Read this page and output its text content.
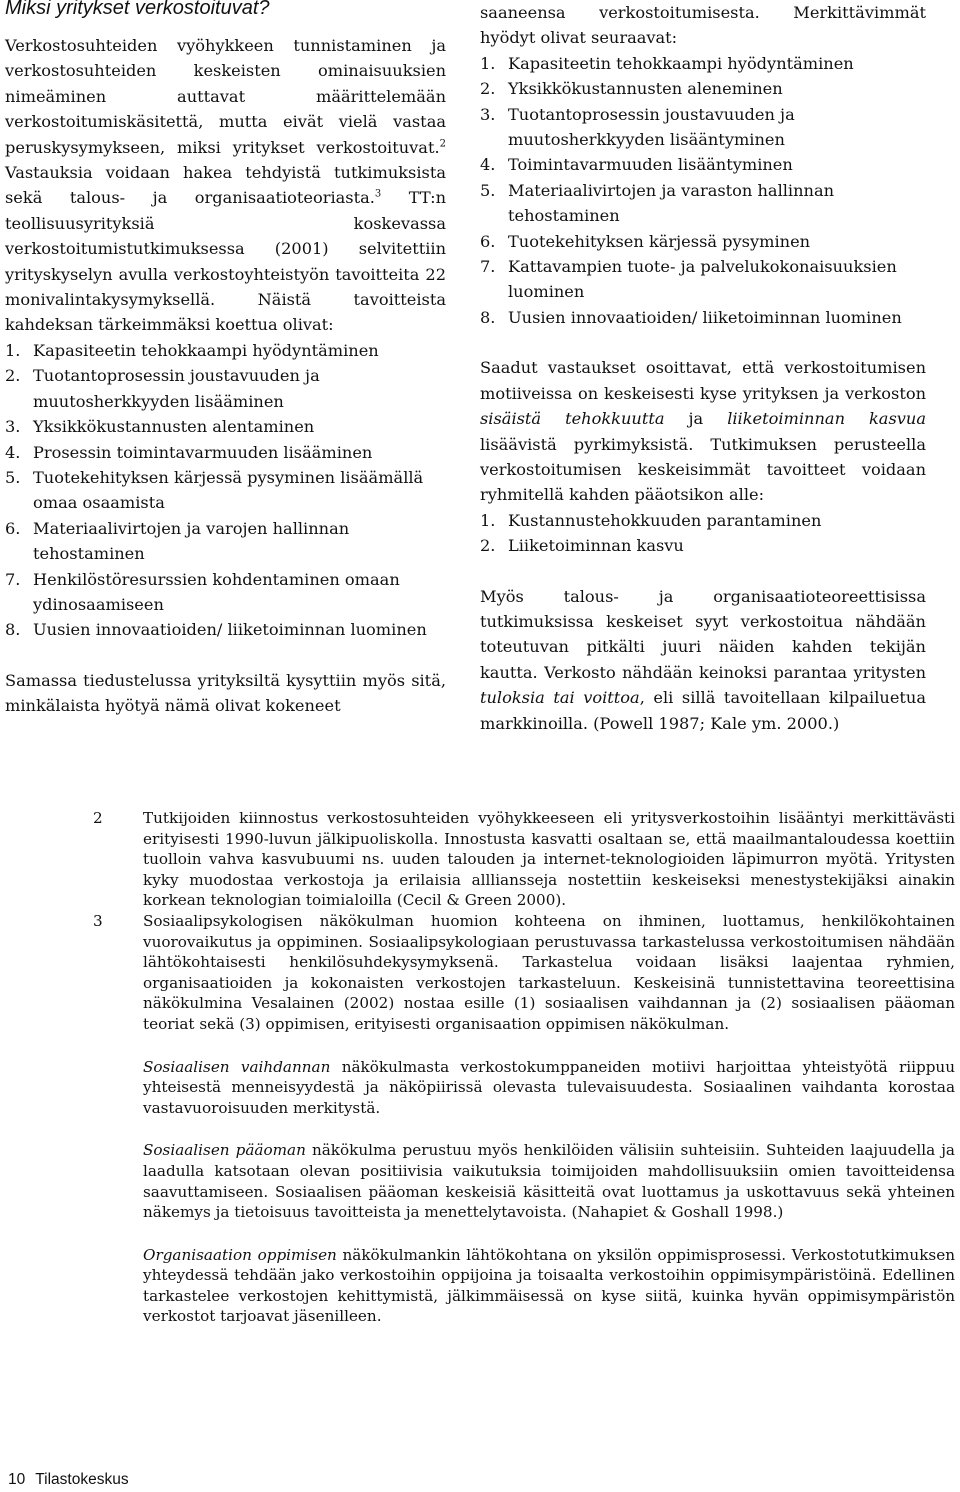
Miksi yritykset verkostoituvat?

Verkostosuhteiden vyöhykkeen tunnistaminen ja verkostosuhteiden keskeisten ominaisuuksien nimeäminen auttavat määrittelemään verkostoitumiskäsitettä, mutta eivät vielä vastaa peruskysymykseen, miksi yritykset verkostoituvat.$^2$ Vastauksia voidaan hakea tehdyistä tutkimuksista sekä talous- ja organisaatioteoriasta.$^3$ TT:n teollisuusyrityksiä koskevassa verkostoitumistutkimuksessa (2001) selvitettiin yrityskyselyn avulla verkostoyhteistyön tavoitteita 22 monivalintakysymyksellä. Näistä tavoitteista kahdeksan tärkeimmäksi koettua olivat:

1. Kapasiteetin tehokkaampi hyödyntäminen
2. Tuotantoprosessin joustavuuden ja muutosherkkyyden lisääminen
3. Yksikkökustannusten alentaminen
4. Prosessin toimintavarmuuden lisääminen
5. Tuotekehityksen kärjessä pysyminen lisäämällä omaa osaamista
6. Materiaalivirtojen ja varojen hallinnan tehostaminen
7. Henkilöstöresurssien kohdentaminen omaan ydinosaamiseen
8. Uusien innovaatioiden/ liiketoiminnan luominen

Samassa tiedustelussa yrityksiltä kysyttiin myös sitä, minkälaista hyötyä nämä olivat kokeneet

saaneensa verkostoitumisesta. Merkittävimmät hyödyt olivat seuraavat:

1. Kapasiteetin tehokkaampi hyödyntäminen
2. Yksikkökustannusten aleneminen
3. Tuotantoprosessin joustavuuden ja muutosherkkyyden lisääntyminen
4. Toimintavarmuuden lisääntyminen
5. Materiaalivirtojen ja varaston hallinnan tehostaminen
6. Tuotekehityksen kärjessä pysyminen
7. Kattavampien tuote- ja palvelukokonaisuuksien luominen
8. Uusien innovaatioiden/ liiketoiminnan luominen

Saadut vastaukset osoittavat, että verkostoitumisen motiiveissa on keskeisesti kyse yrityksen ja verkoston sisäistä tehokkuutta ja liiketoiminnan kasvua lisäävistä pyrkimyksistä. Tutkimuksen perusteella verkostoitumisen keskeisimmät tavoitteet voidaan ryhmitellä kahden pääotsikon alle:

1. Kustannustehokkuuden parantaminen
2. Liiketoiminnan kasvu

Myös talous- ja organisaatioteoreettisissa tutkimuksissa keskeiset syyt verkostoitua nähdään toteutuvan pitkälti juuri näiden kahden tekijän kautta. Verkosto nähdään keinoksi parantaa yritysten tuloksia tai voittoa, eli sillä tavoitellaan kilpailuetua markkinoilla. (Powell 1987; Kale ym. 2000.)

2	Tutkijoiden kiinnostus verkostosuhteiden vyöhykkeeseen eli yritysverkostoihin lisääntyi merkittävästi erityisesti 1990-luvun jälkipuoliskolla. Innostusta kasvatti osaltaan se, että maailmantaloudessa koettiin tuolloin vahva kasvubuumi ns. uuden talouden ja internet-teknologioiden läpimurron myötä. Yritysten kyky muodostaa verkostoja ja erilaisia allliansseja nostettiin keskeiseksi menestystekijäksi ainakin korkean teknologian toimialoilla (Cecil & Green 2000).

3	Sosiaalipsykologisen näkökulman huomion kohteena on ihminen, luottamus, henkilökohtainen vuorovaikutus ja oppiminen. Sosiaalipsykologiaan perustuvassa tarkastelussa verkostoitumisen nähdään lähtökohtaisesti henkilösuhdekysymyksenä. Tarkastelua voidaan lisäksi laajentaa ryhmien, organisaatioiden ja kokonaisten verkostojen tarkasteluun. Keskeisinä tunnistettavina teoreettisina näkökulmina Vesalainen (2002) nostaa esille (1) sosiaalisen vaihdannan ja (2) sosiaalisen pääoman teoriat sekä (3) oppimisen, erityisesti organisaation oppimisen näkökulman.

Sosiaalisen vaihdannan näkökulmasta verkostokumppaneiden motiivi harjoittaa yhteistyötä riippuu yhteisestä menneisyydestä ja näköpiirissä olevasta tulevaisuudesta. Sosiaalinen vaihdanta korostaa vastavuoroisuuden merkitystä.

Sosiaalisen pääoman näkökulma perustuu myös henkilöiden välisiin suhteisiin. Suhteiden laajuudella ja laadulla katsotaan olevan positiivisia vaikutuksia toimijoiden mahdollisuuksiin omien tavoitteidensa saavuttamiseen. Sosiaalisen pääoman keskeisiä käsitteitä ovat luottamus ja uskottavuus sekä yhteinen näkemys ja tietoisuus tavoitteista ja menettelytavoista. (Nahapiet & Goshall 1998.)

Organisaation oppimisen näkökulmankin lähtökohtana on yksilön oppimisprosessi. Verkostotutkimuksen yhteydessä tehdään jako verkostoihin oppijoina ja toisaalta verkostoihin oppimisympäristöinä. Edellinen tarkastelee verkostojen kehittymistä, jälkimmäisessä on kyse siitä, kuinka hyvän oppimisympäristön verkostot tarjoavat jäsenilleen.

10 Tilastokeskus
